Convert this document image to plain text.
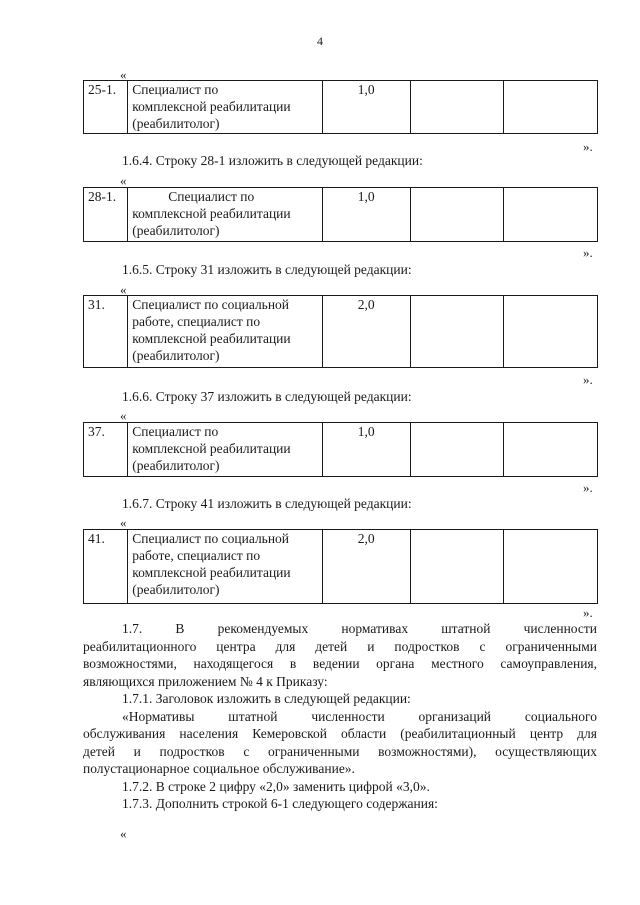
4
«
25-1.	Специалист по
комплексной реабилитации
(реабилитолог)
	1,0		
».
1.6.4. Строку 28-1 изложить в следующей редакции:
«
28-1.	Специалист по
комплексной реабилитации
(реабилитолог)
	1,0		
».
1.6.5. Строку 31 изложить в следующей редакции:
«
31.	Специалист по социальной
работе, специалист по
комплексной реабилитации
(реабилитолог)
	2,0		
».
1.6.6. Строку 37 изложить в следующей редакции:
«
37.	Специалист по
комплексной реабилитации
(реабилитолог)
	1,0		
».
1.6.7. Строку 41 изложить в следующей редакции:
«
41.	Специалист по социальной
работе, специалист по
комплексной реабилитации
(реабилитолог)
	2,0		
».
1.7. В рекомендуемых нормативах штатной численности
реабилитационного центра для детей и подростков с ограниченными
возможностями, находящегося в ведении органа местного самоуправления,
являющихся приложением № 4 к Приказу:
1.7.1. Заголовок изложить в следующей редакции:
«Нормативы штатной численности организаций социального
обслуживания населения Кемеровской области (реабилитационный центр для
детей и подростков с ограниченными возможностями), осуществляющих
полустационарное социальное обслуживание».
1.7.2. В строке 2 цифру «2,0» заменить цифрой «3,0».
1.7.3. Дополнить строкой 6-1 следующего содержания:
«
